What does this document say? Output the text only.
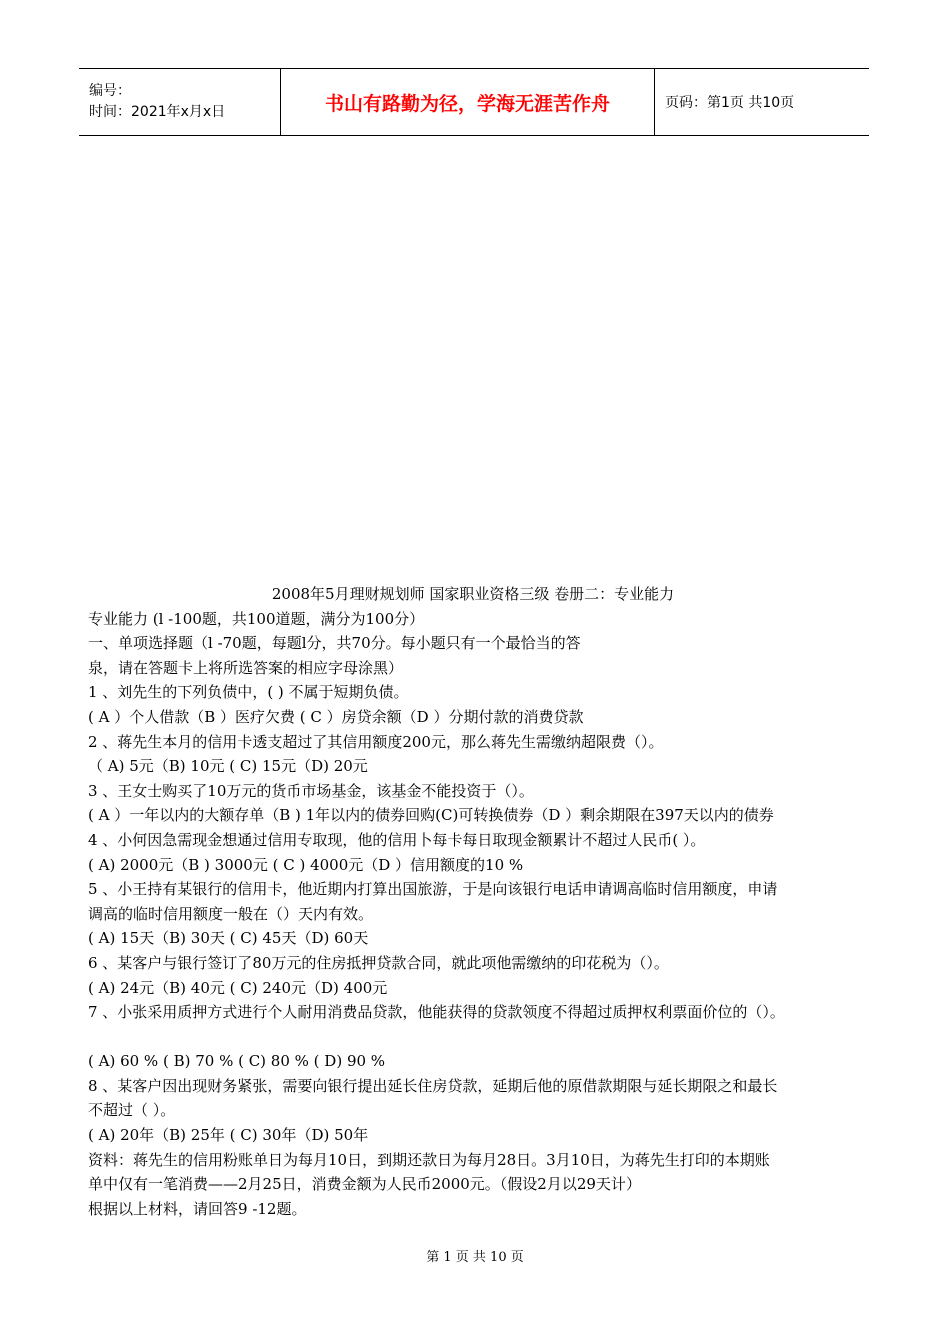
编号：
时间：2021年x月x日	书山有路勤为径，学海无涯苦作舟	页码：第1页 共10页
2008年5月理财规划师 国家职业资格三级 卷册二：专业能力
专业能力 (l -100题，共100道题，满分为100分）
一、单项选择题（l -70题，每题l分，共70分。每小题只有一个最恰当的答
泉，请在答题卡上将所选答案的相应字母涂黑）
1 、刘先生的下列负债中，( ) 不属于短期负债。
( A ）个人借款（B ）医疗欠费 ( C ）房贷余额（D ）分期付款的消费贷款
2 、蒋先生本月的信用卡透支超过了其信用额度200元，那么蒋先生需缴纳超限费（）。
（ A) 5元（B) 10元 ( C) 15元（D) 20元
3 、王女士购买了10万元的货币市场基金，该基金不能投资于（）。
( A ）一年以内的大额存单（B ) 1年以内的债券回购(C)可转换债券（D ）剩余期限在397天以内的债券
4 、小何因急需现金想通过信用专取现，他的信用卜每卡每日取现金额累计不超过人民币( ）。
( A) 2000元（B ) 3000元 ( C ) 4000元（D ）信用额度的10 %
5 、小王持有某银行的信用卡，他近期内打算出国旅游，于是向该银行电话申请调高临时信用额度，申请
调高的临时信用额度一般在（）天内有效。
( A) 15天（B) 30天 ( C) 45天（D) 60天
6 、某客户与银行签订了80万元的住房抵押贷款合同，就此项他需缴纳的印花税为（）。
( A) 24元（B) 40元 ( C) 240元（D) 400元
7 、小张采用质押方式进行个人耐用消费品贷款，他能获得的贷款领度不得超过质押权利票面价位的（）。
( A) 60 % ( B) 70 % ( C) 80 % ( D) 90 %
8 、某客户因出现财务紧张，需要向银行提出延长住房贷款，延期后他的原借款期限与延长期限之和最长
不超过（ ）。
( A) 20年（B) 25年 ( C) 30年（D) 50年
资料：蒋先生的信用粉账单日为每月10日，到期还款日为每月28日。3月10日，为蒋先生打印的本期账
单中仅有一笔消费——2月25日，消费金额为人民币2000元。（假设2月以29天计）
根据以上材料，请回答9 -12题。
第 1 页 共 10 页
